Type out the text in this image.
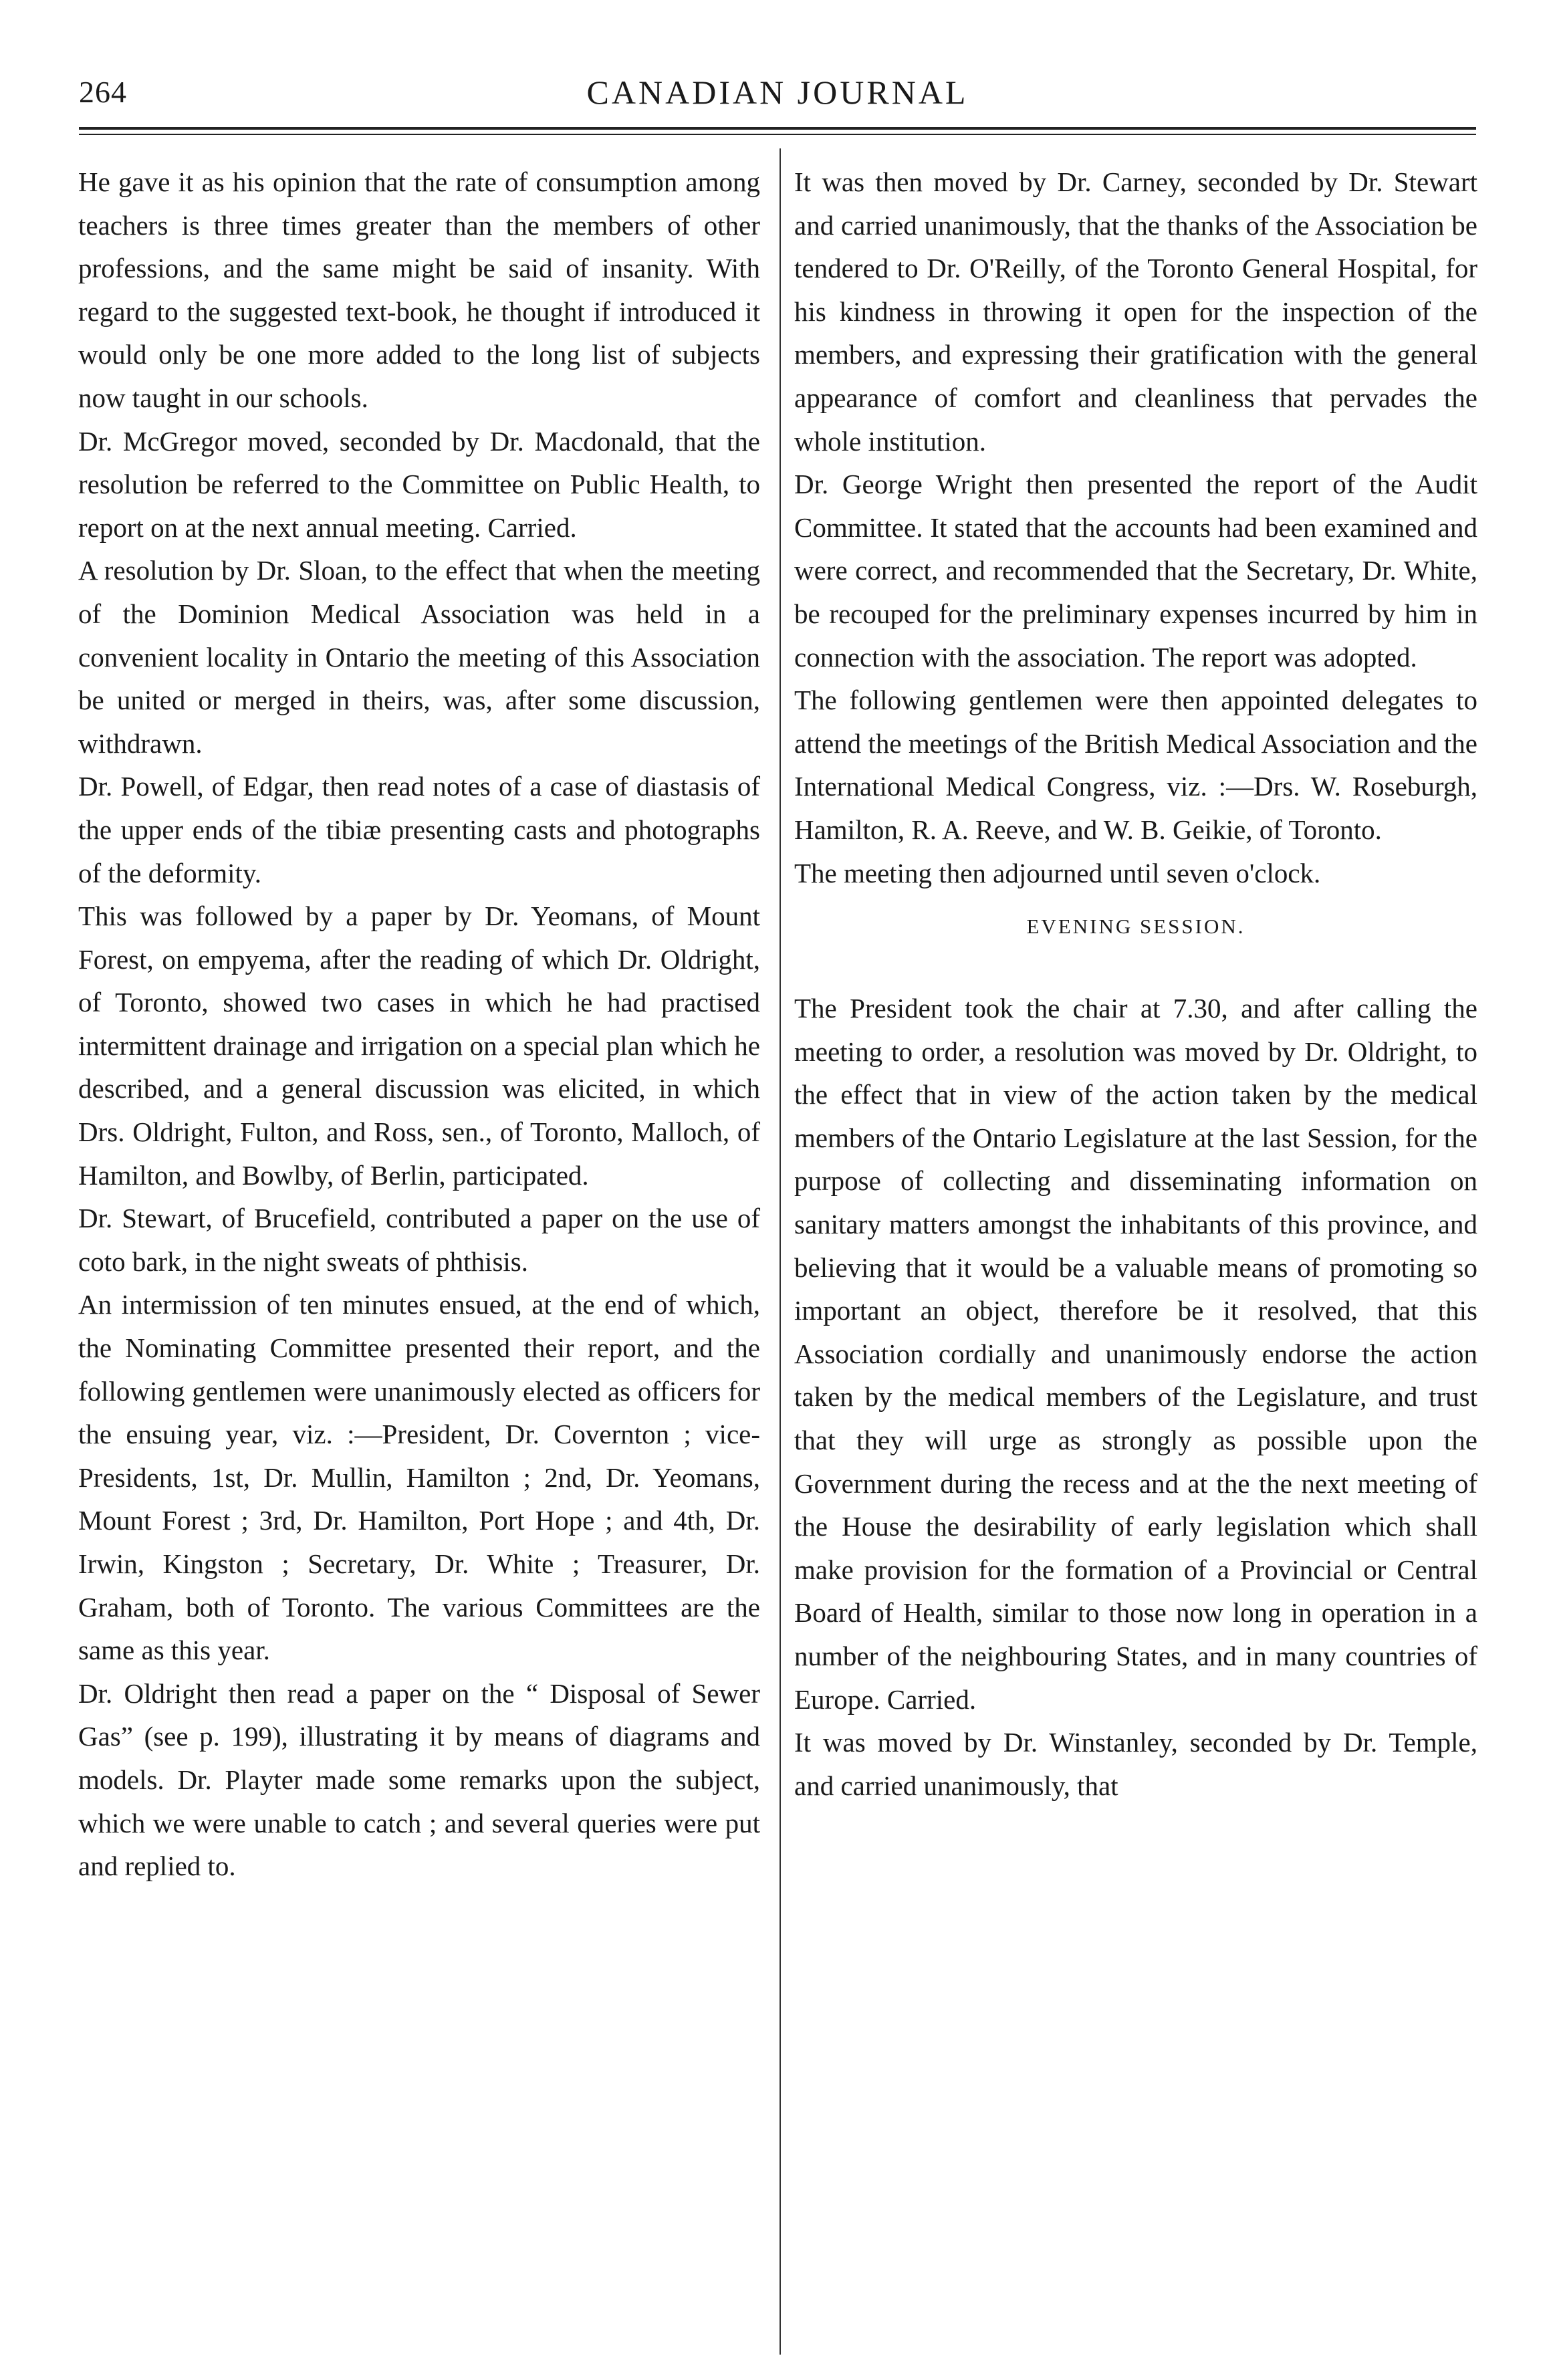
264	CANADIAN JOURNAL

He gave it as his opinion that the rate of consumption among teachers is three times greater than the members of other professions, and the same might be said of insanity. With regard to the suggested text-book, he thought if introduced it would only be one more added to the long list of subjects now taught in our schools.

Dr. McGregor moved, seconded by Dr. Macdonald, that the resolution be referred to the Committee on Public Health, to report on at the next annual meeting. Carried.

A resolution by Dr. Sloan, to the effect that when the meeting of the Dominion Medical Association was held in a convenient locality in Ontario the meeting of this Association be united or merged in theirs, was, after some discussion, withdrawn.

Dr. Powell, of Edgar, then read notes of a case of diastasis of the upper ends of the tibiæ presenting casts and photographs of the deformity.

This was followed by a paper by Dr. Yeomans, of Mount Forest, on empyema, after the reading of which Dr. Oldright, of Toronto, showed two cases in which he had practised intermittent drainage and irrigation on a special plan which he described, and a general discussion was elicited, in which Drs. Oldright, Fulton, and Ross, sen., of Toronto, Malloch, of Hamilton, and Bowlby, of Berlin, participated.

Dr. Stewart, of Brucefield, contributed a paper on the use of coto bark, in the night sweats of phthisis.

An intermission of ten minutes ensued, at the end of which, the Nominating Committee presented their report, and the following gentlemen were unanimously elected as officers for the ensuing year, viz. :—President, Dr. Covernton ; vice-Presidents, 1st, Dr. Mullin, Hamilton ; 2nd, Dr. Yeomans, Mount Forest ; 3rd, Dr. Hamilton, Port Hope ; and 4th, Dr. Irwin, Kingston ; Secretary, Dr. White ; Treasurer, Dr. Graham, both of Toronto. The various Committees are the same as this year.

Dr. Oldright then read a paper on the “ Disposal of Sewer Gas” (see p. 199), illustrating it by means of diagrams and models. Dr. Playter made some remarks upon the subject, which we were unable to catch ; and several queries were put and replied to.

It was then moved by Dr. Carney, seconded by Dr. Stewart and carried unanimously, that the thanks of the Association be tendered to Dr. O'Reilly, of the Toronto General Hospital, for his kindness in throwing it open for the inspection of the members, and expressing their gratification with the general appearance of comfort and cleanliness that pervades the whole institution.

Dr. George Wright then presented the report of the Audit Committee. It stated that the accounts had been examined and were correct, and recommended that the Secretary, Dr. White, be recouped for the preliminary expenses incurred by him in connection with the association. The report was adopted.

The following gentlemen were then appointed delegates to attend the meetings of the British Medical Association and the International Medical Congress, viz. :—Drs. W. Roseburgh, Hamilton, R. A. Reeve, and W. B. Geikie, of Toronto.

The meeting then adjourned until seven o'clock.

EVENING SESSION.

The President took the chair at 7.30, and after calling the meeting to order, a resolution was moved by Dr. Oldright, to the effect that in view of the action taken by the medical members of the Ontario Legislature at the last Session, for the purpose of collecting and disseminating information on sanitary matters amongst the inhabitants of this province, and believing that it would be a valuable means of promoting so important an object, therefore be it resolved, that this Association cordially and unanimously endorse the action taken by the medical members of the Legislature, and trust that they will urge as strongly as possible upon the Government during the recess and at the the next meeting of the House the desirability of early legislation which shall make provision for the formation of a Provincial or Central Board of Health, similar to those now long in operation in a number of the neighbouring States, and in many countries of Europe. Carried.

It was moved by Dr. Winstanley, seconded by Dr. Temple, and carried unanimously, that
